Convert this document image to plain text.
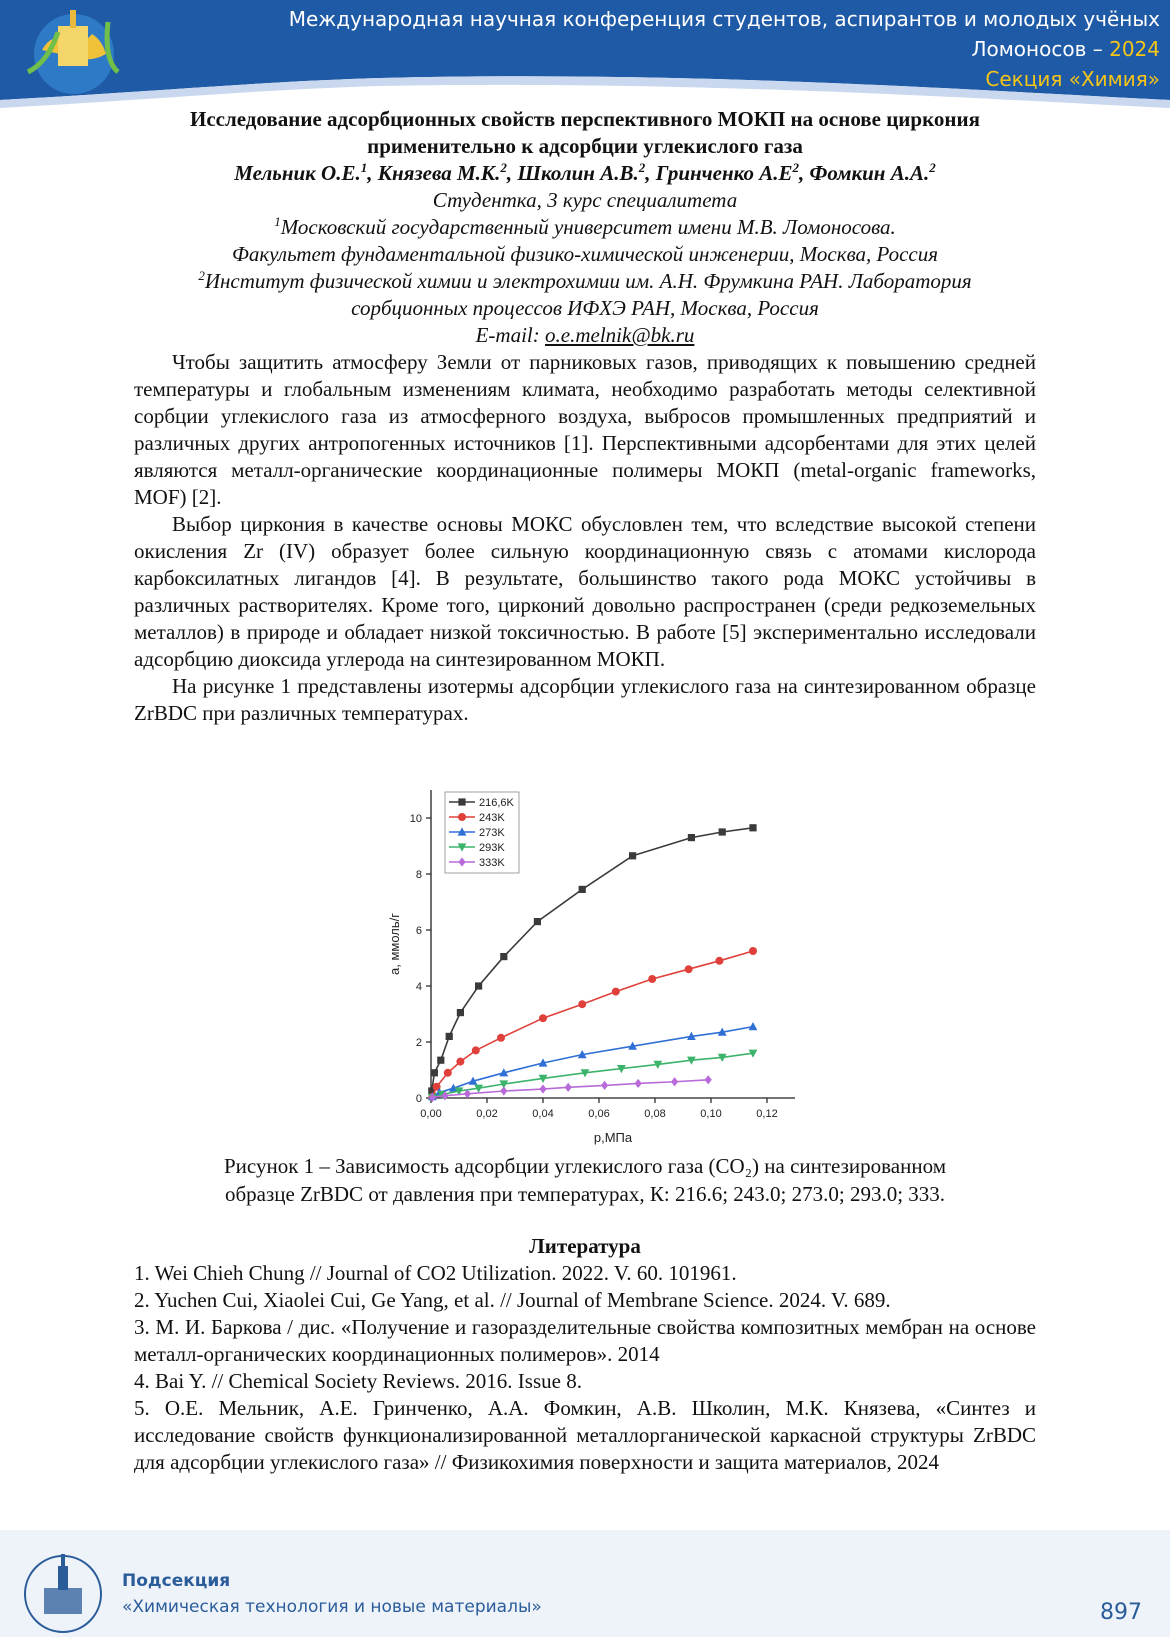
Международная научная конференция студентов, аспирантов и молодых учёных
Ломоносов – 2024
Секция «Химия»
Исследование адсорбционных свойств перспективного МОКП на основе циркония
применительно к адсорбции углекислого газа
Мельник О.Е.$^1$, Князева М.К.$^2$, Школин А.В.$^2$, Гринченко $А.Е^2$, Фомкин А.А.$^2$
Студентка, 3 курс специалитета
$^1$Московский государственный университет имени М.В. Ломоносова.
Факультет фундаментальной физико-химической инженерии, Москва, Россия
$^2$Институт физической химии и электрохимии им. А.Н. Фрумкина РАН. Лаборатория
сорбционных процессов ИФХЭ РАН, Москва, Россия
E-mail: o.e.melnik@bk.ru

Чтобы защитить атмосферу Земли от парниковых газов, приводящих к повышению средней температуры и глобальным изменениям климата, необходимо разработать методы селективной сорбции углекислого газа из атмосферного воздуха, выбросов промышленных предприятий и различных других антропогенных источников [1]. Перспективными адсорбентами для этих целей являются металл-органические координационные полимеры МОКП (metal-organic frameworks, MOF) [2].

Выбор циркония в качестве основы МОКС обусловлен тем, что вследствие высокой степени окисления Zr (IV) образует более сильную координационную связь с атомами кислорода карбоксилатных лигандов [4]. В результате, большинство такого рода МОКС устойчивы в различных растворителях. Кроме того, цирконий довольно распространен (среди редкоземельных металлов) в природе и обладает низкой токсичностью. В работе [5] экспериментально исследовали адсорбцию диоксида углерода на синтезированном МОКП.

На рисунке 1 представлены изотермы адсорбции углекислого газа на синтезированном образце ZrBDC при различных температурах.

0
2
4
6
8
10
0,00	0,02	0,04	0,06	0,08	0,10	0,12
p,МПа
a, ммоль/г
216,6K
243K
273K
293K
333K
Рисунок 1 – Зависимость адсорбции углекислого газа (CO₂) на синтезированном
образце ZrBDC от давления при температурах, К: 216.6; 243.0; 273.0; 293.0; 333.
Литература

1. Wei Chieh Chung // Journal of CO2 Utilization. 2022. V. 60. 101961.

2. Yuchen Cui, Xiaolei Cui, Ge Yang, et al. // Journal of Membrane Science. 2024. V. 689.

3. М. И. Баркова / дис. «Получение и газоразделительные свойства композитных мембран на основе металл-органических координационных полимеров». 2014

4. Bai Y. // Chemical Society Reviews. 2016. Issue 8.

5. О.Е. Мельник, А.Е. Гринченко, А.А. Фомкин, А.В. Школин, М.К. Князева, «Синтез и исследование свойств функционализированной металлорганической каркасной структуры ZrBDC для адсорбции углекислого газа» // Физикохимия поверхности и защита материалов, 2024

Подсекция
«Химическая технология и новые материалы»	897
